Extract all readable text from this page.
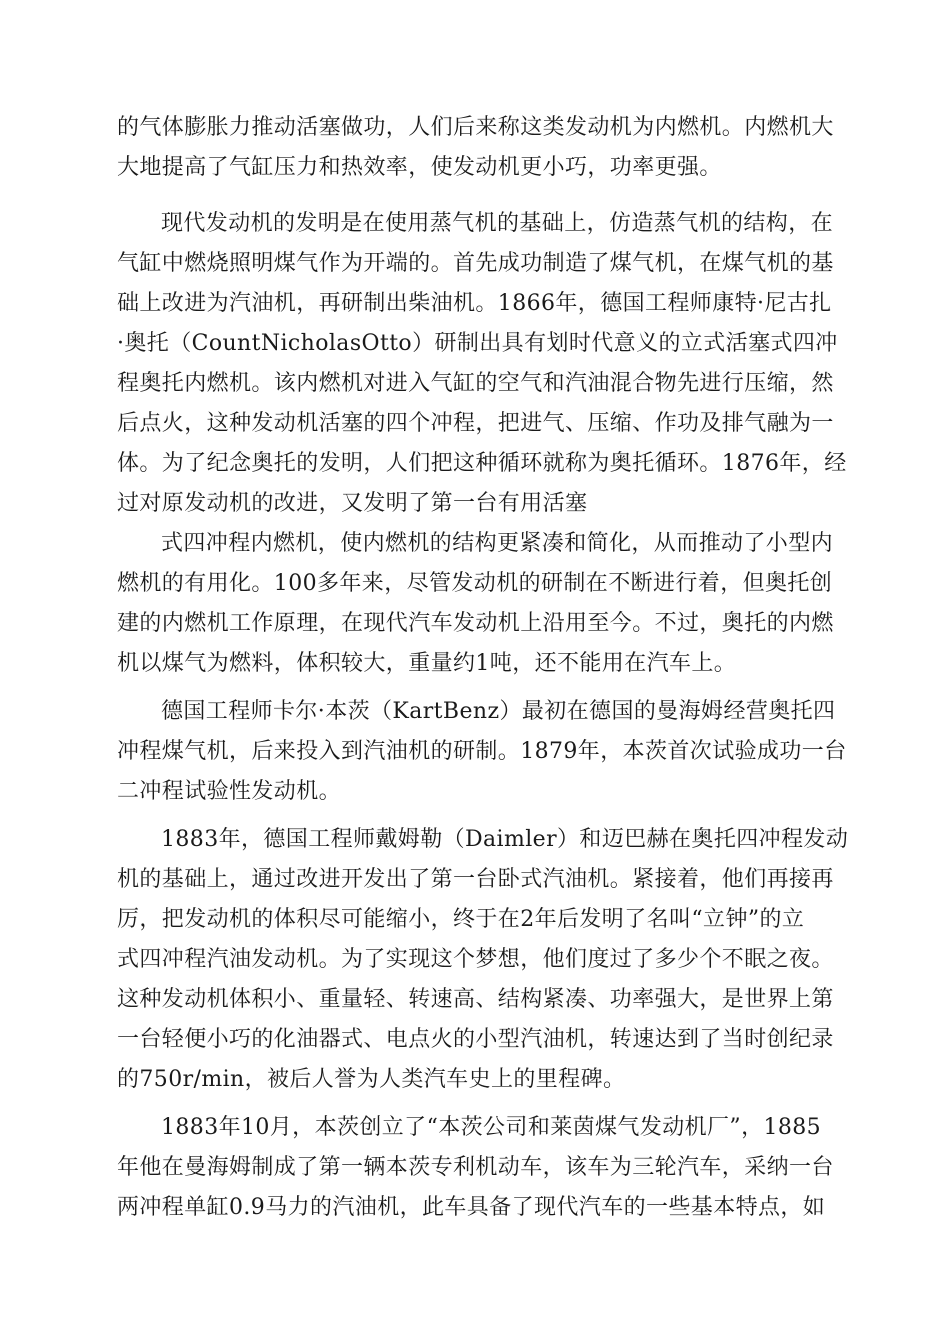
的气体膨胀力推动活塞做功，人们后来称这类发动机为内燃机。内燃机大
大地提高了气缸压力和热效率，使发动机更小巧，功率更强。
现代发动机的发明是在使用蒸气机的基础上，仿造蒸气机的结构，在
气缸中燃烧照明煤气作为开端的。首先成功制造了煤气机，在煤气机的基
础上改进为汽油机，再研制出柴油机。1866年，德国工程师康特·尼古扎
·奥托（CountNicholasOtto）研制出具有划时代意义的立式活塞式四冲
程奥托内燃机。该内燃机对进入气缸的空气和汽油混合物先进行压缩，然
后点火，这种发动机活塞的四个冲程，把进气、压缩、作功及排气融为一
体。为了纪念奥托的发明，人们把这种循环就称为奥托循环。1876年，经
过对原发动机的改进，又发明了第一台有用活塞
式四冲程内燃机，使内燃机的结构更紧凑和简化，从而推动了小型内
燃机的有用化。100多年来，尽管发动机的研制在不断进行着，但奥托创
建的内燃机工作原理，在现代汽车发动机上沿用至今。不过，奥托的内燃
机以煤气为燃料，体积较大，重量约1吨，还不能用在汽车上。
德国工程师卡尔·本茨（KartBenz）最初在德国的曼海姆经营奥托四
冲程煤气机，后来投入到汽油机的研制。1879年，本茨首次试验成功一台
二冲程试验性发动机。
1883年，德国工程师戴姆勒（Daimler）和迈巴赫在奥托四冲程发动
机的基础上，通过改进开发出了第一台卧式汽油机。紧接着，他们再接再
厉，把发动机的体积尽可能缩小，终于在2年后发明了名叫“立钟”的立
式四冲程汽油发动机。为了实现这个梦想，他们度过了多少个不眠之夜。
这种发动机体积小、重量轻、转速高、结构紧凑、功率强大，是世界上第
一台轻便小巧的化油器式、电点火的小型汽油机，转速达到了当时创纪录
的750r/min，被后人誉为人类汽车史上的里程碑。
1883年10月，本茨创立了“本茨公司和莱茵煤气发动机厂”，1885
年他在曼海姆制成了第一辆本茨专利机动车，该车为三轮汽车，采纳一台
两冲程单缸0.9马力的汽油机，此车具备了现代汽车的一些基本特点，如
